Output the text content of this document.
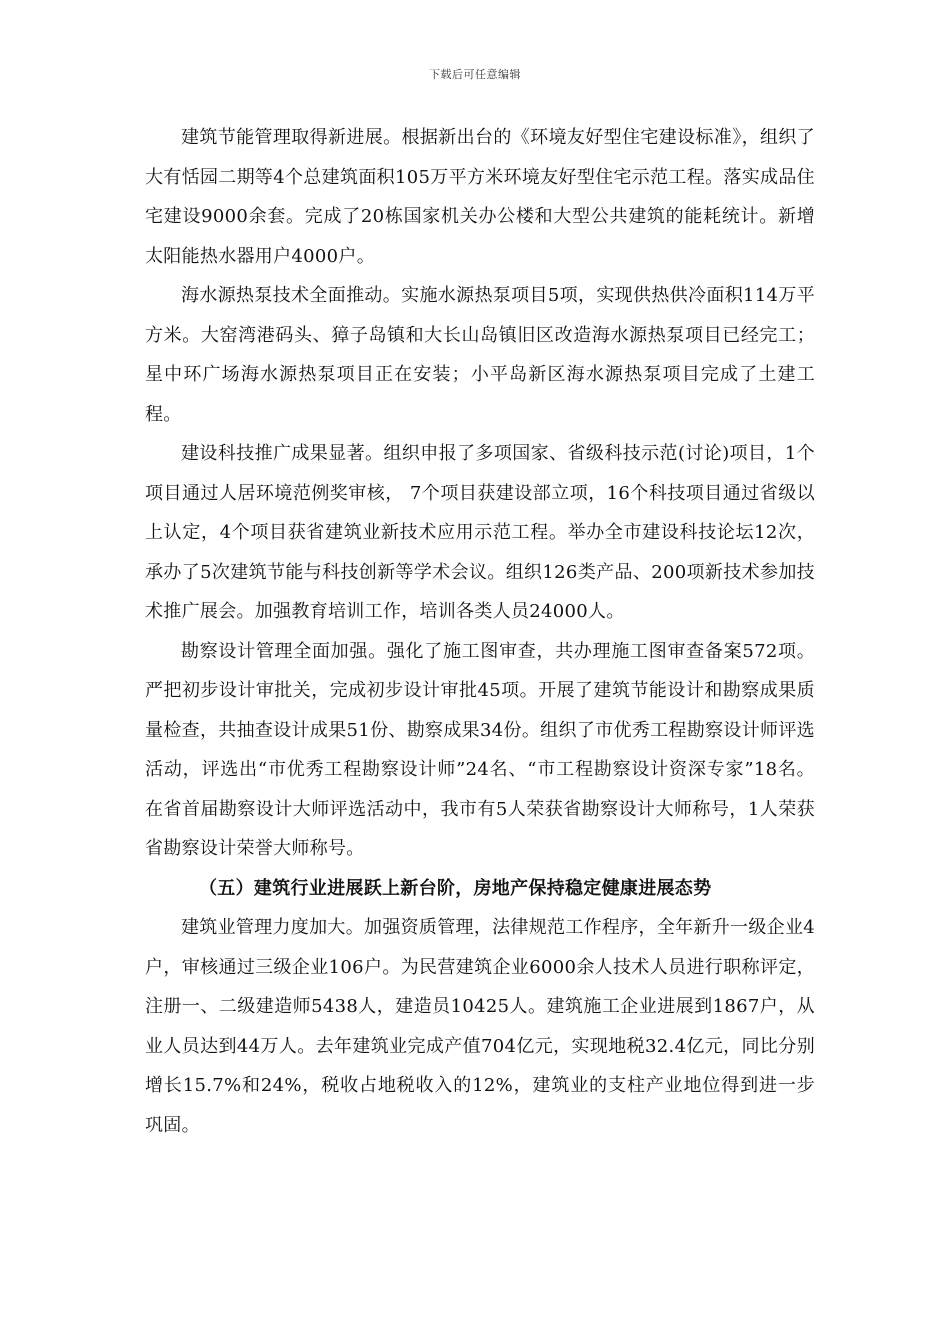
下载后可任意编辑

建筑节能管理取得新进展。根据新出台的《环境友好型住宅建设标准》，组织了大有恬园二期等4个总建筑面积105万平方米环境友好型住宅示范工程。落实成品住宅建设9000余套。完成了20栋国家机关办公楼和大型公共建筑的能耗统计。新增太阳能热水器用户4000户。

海水源热泵技术全面推动。实施水源热泵项目5项，实现供热供冷面积114万平方米。大窑湾港码头、獐子岛镇和大长山岛镇旧区改造海水源热泵项目已经完工；星中环广场海水源热泵项目正在安装；小平岛新区海水源热泵项目完成了土建工程。

建设科技推广成果显著。组织申报了多项国家、省级科技示范(讨论)项目，1个项目通过人居环境范例奖审核， 7个项目获建设部立项，16个科技项目通过省级以上认定，4个项目获省建筑业新技术应用示范工程。举办全市建设科技论坛12次，承办了5次建筑节能与科技创新等学术会议。组织126类产品、200项新技术参加技术推广展会。加强教育培训工作，培训各类人员24000人。

勘察设计管理全面加强。强化了施工图审查，共办理施工图审查备案572项。严把初步设计审批关，完成初步设计审批45项。开展了建筑节能设计和勘察成果质量检查，共抽查设计成果51份、勘察成果34份。组织了市优秀工程勘察设计师评选活动，评选出“市优秀工程勘察设计师”24名、“市工程勘察设计资深专家”18名。在省首届勘察设计大师评选活动中，我市有5人荣获省勘察设计大师称号，1人荣获省勘察设计荣誉大师称号。

（五）建筑行业进展跃上新台阶，房地产保持稳定健康进展态势

建筑业管理力度加大。加强资质管理，法律规范工作程序，全年新升一级企业4户，审核通过三级企业106户。为民营建筑企业6000余人技术人员进行职称评定，注册一、二级建造师5438人，建造员10425人。建筑施工企业进展到1867户，从业人员达到44万人。去年建筑业完成产值704亿元，实现地税32.4亿元，同比分别增长15.7%和24%，税收占地税收入的12%，建筑业的支柱产业地位得到进一步巩固。
